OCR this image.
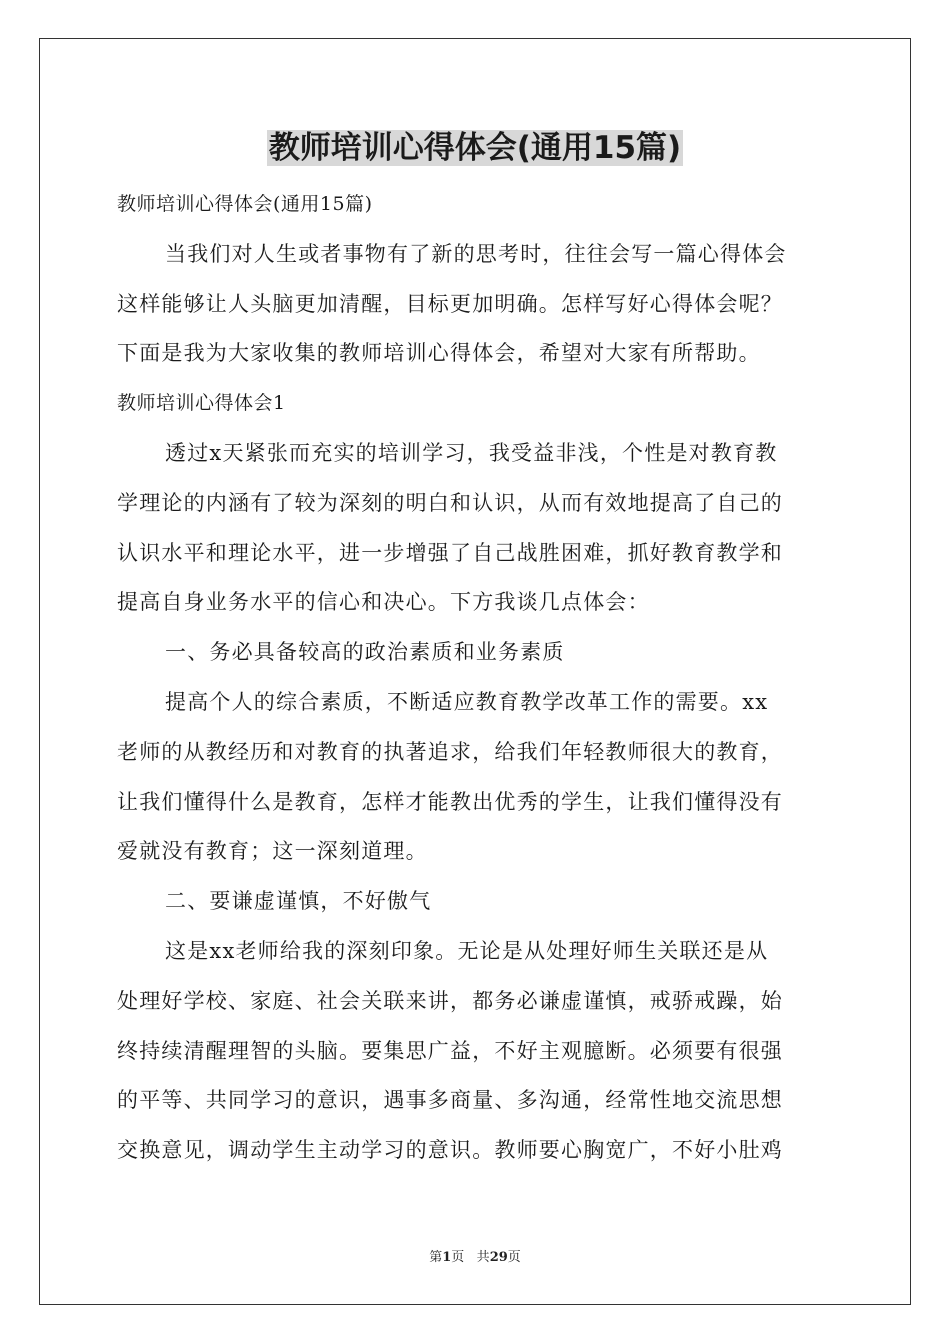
教师培训心得体会(通用15篇)
教师培训心得体会(通用15篇)
当我们对人生或者事物有了新的思考时，往往会写一篇心得体会
这样能够让人头脑更加清醒，目标更加明确。怎样写好心得体会呢？
下面是我为大家收集的教师培训心得体会，希望对大家有所帮助。
教师培训心得体会1
透过x天紧张而充实的培训学习，我受益非浅，个性是对教育教
学理论的内涵有了较为深刻的明白和认识，从而有效地提高了自己的
认识水平和理论水平，进一步增强了自己战胜困难，抓好教育教学和
提高自身业务水平的信心和决心。下方我谈几点体会：
一、务必具备较高的政治素质和业务素质
提高个人的综合素质，不断适应教育教学改革工作的需要。xx
老师的从教经历和对教育的执著追求，给我们年轻教师很大的教育，
让我们懂得什么是教育，怎样才能教出优秀的学生，让我们懂得没有
爱就没有教育；这一深刻道理。
二、要谦虚谨慎，不好傲气
这是xx老师给我的深刻印象。无论是从处理好师生关联还是从
处理好学校、家庭、社会关联来讲，都务必谦虚谨慎，戒骄戒躁，始
终持续清醒理智的头脑。要集思广益，不好主观臆断。必须要有很强
的平等、共同学习的意识，遇事多商量、多沟通，经常性地交流思想
交换意见，调动学生主动学习的意识。教师要心胸宽广，不好小肚鸡
第1页 共29页
